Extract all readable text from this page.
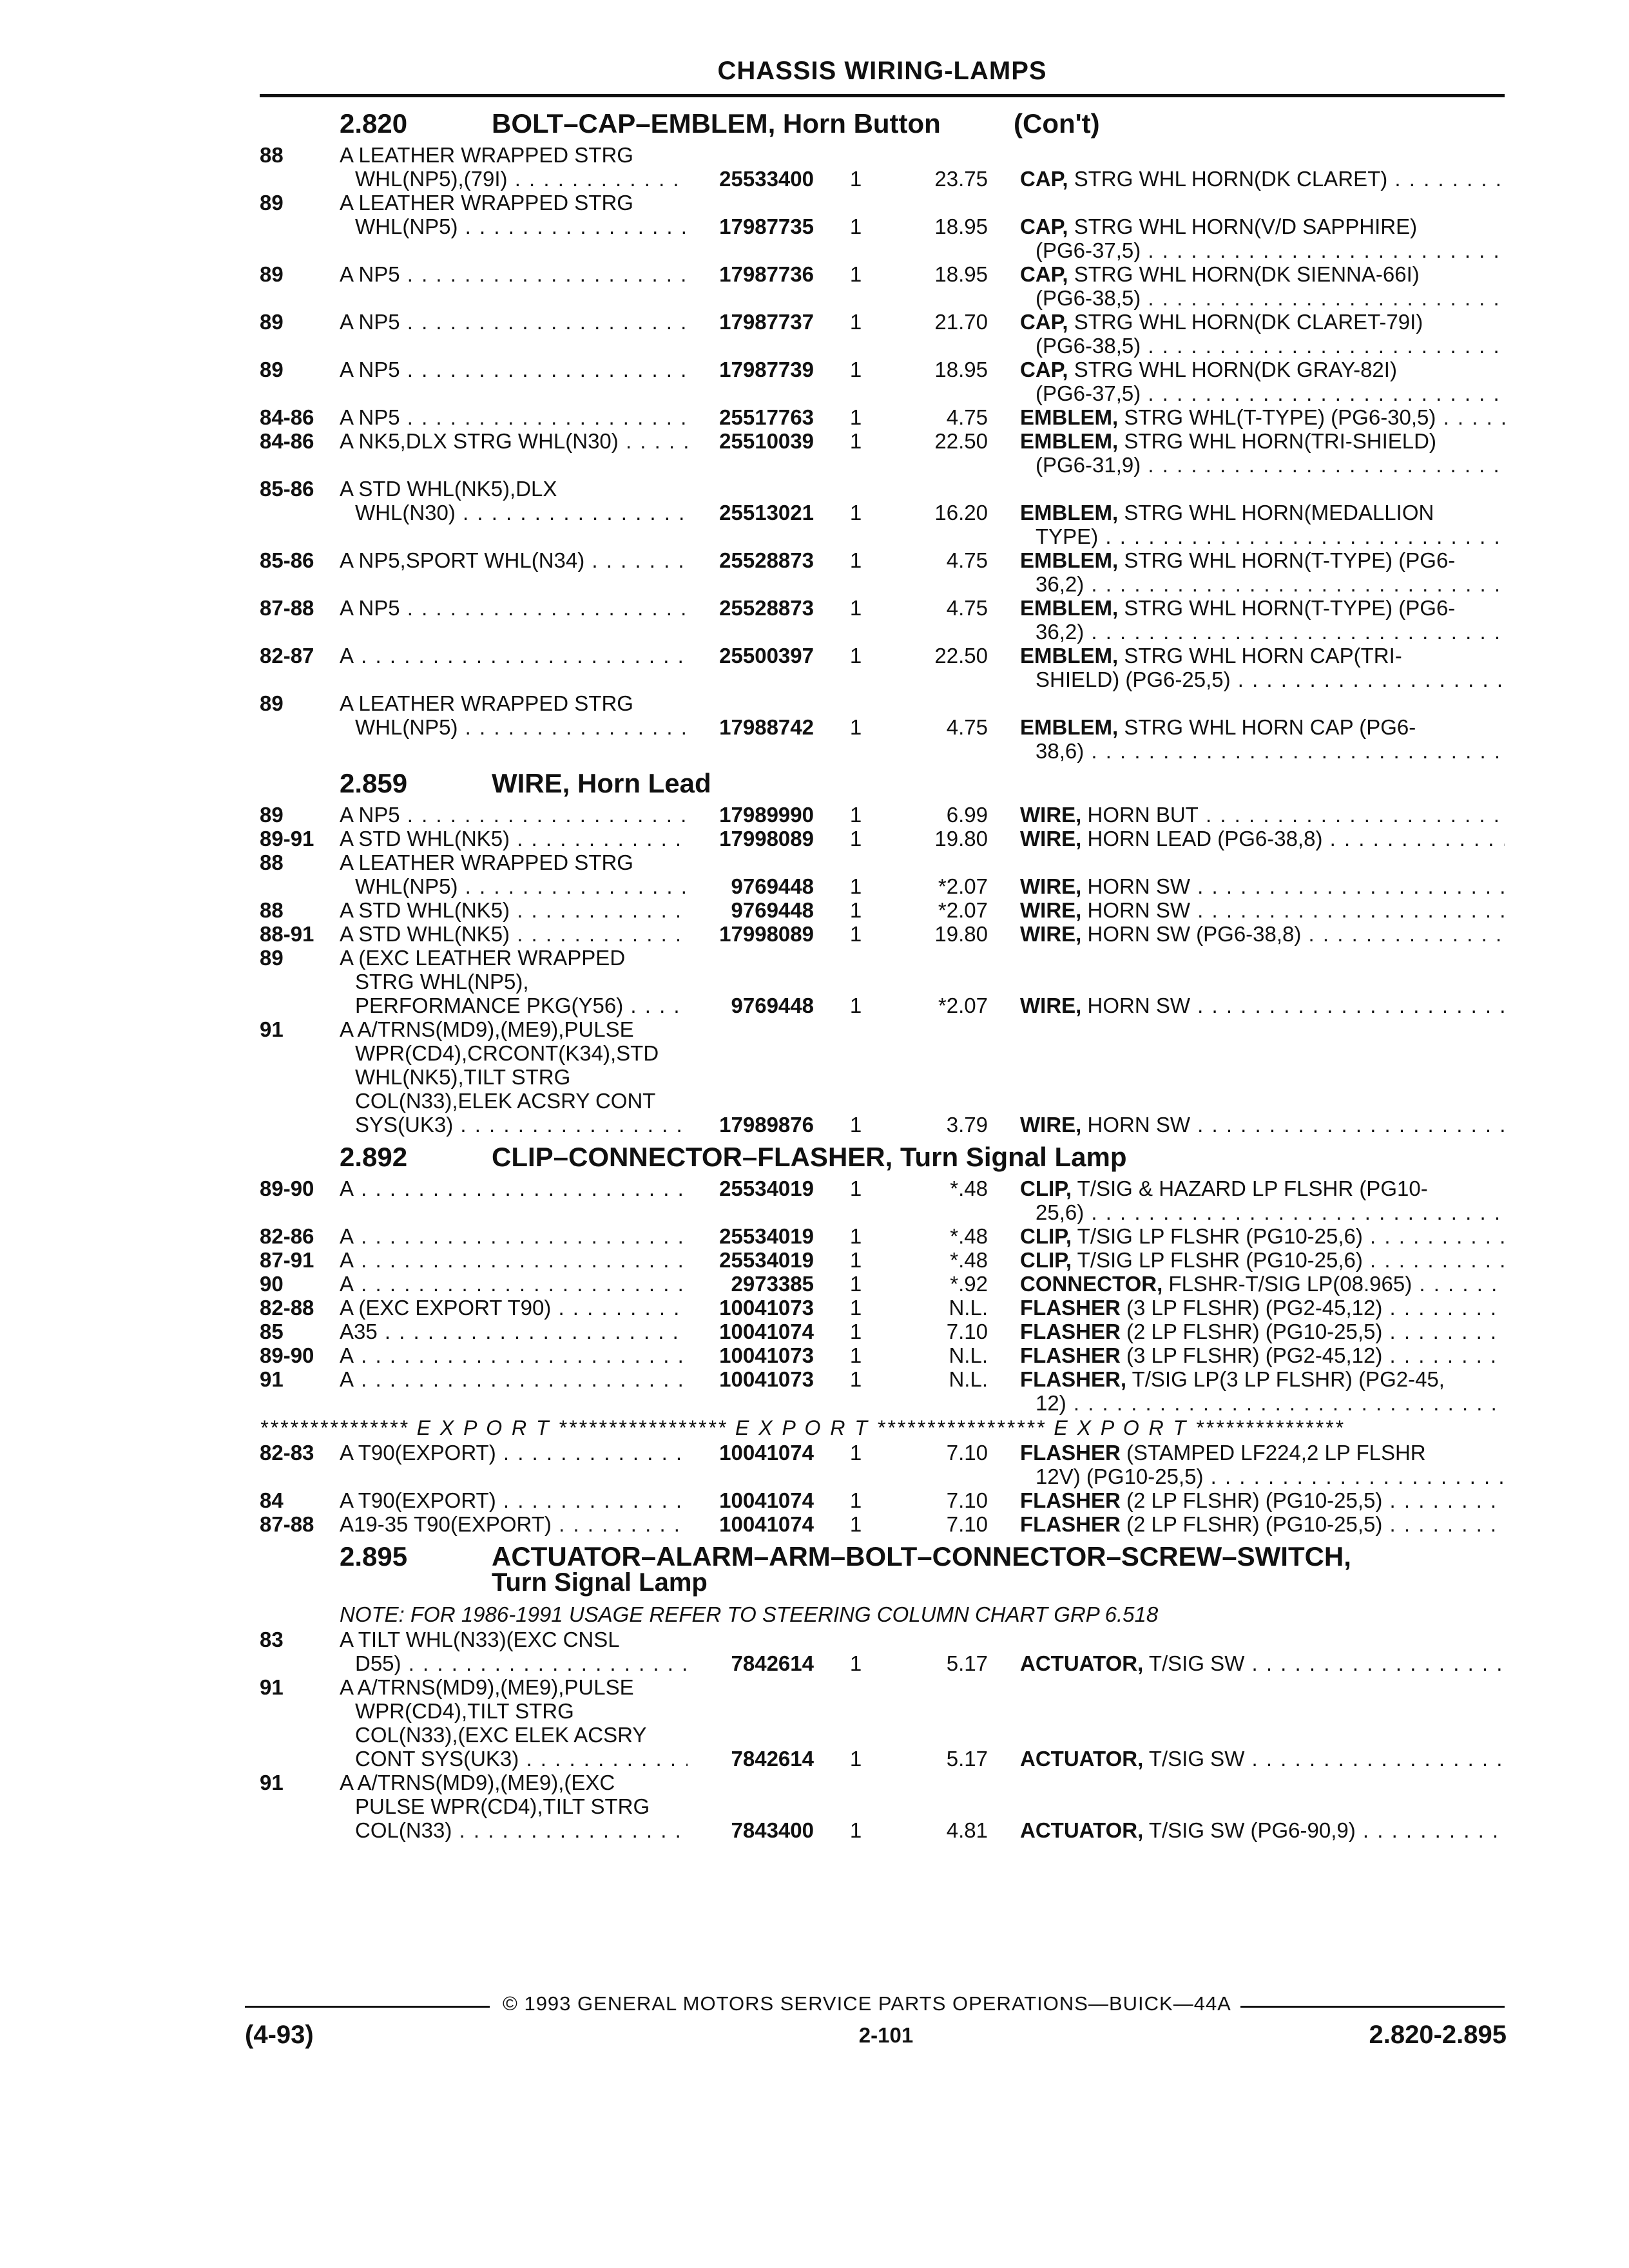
CHASSIS WIRING-LAMPS
2.820	BOLT–CAP–EMBLEM, Horn Button	(Con't)
88	A LEATHER WRAPPED STRG
WHL(NP5),(79I) . . .	25533400	1	23.75 CAP, STRG WHL HORN(DK CLARET) . . .
89	A LEATHER WRAPPED STRG
WHL(NP5) . . .	17987735	1	18.95 CAP, STRG WHL HORN(V/D SAPPHIRE)
(PG6-37,5) . . .
89	A NP5 . . .	17987736	1	18.95 CAP, STRG WHL HORN(DK SIENNA-66I)
(PG6-38,5) . . .
89	A NP5 . . .	17987737	1	21.70 CAP, STRG WHL HORN(DK CLARET-79I)
(PG6-38,5) . . .
89	A NP5 . . .	17987739	1	18.95 CAP, STRG WHL HORN(DK GRAY-82I)
(PG6-37,5) . . .
84-86	A NP5 . . .	25517763	1	4.75 EMBLEM, STRG WHL(T-TYPE) (PG6-30,5) . . .
84-86	A NK5,DLX STRG WHL(N30) . . .	25510039	1	22.50 EMBLEM, STRG WHL HORN(TRI-SHIELD)
(PG6-31,9) . . .
85-86	A STD WHL(NK5),DLX
WHL(N30) . . .	25513021	1	16.20 EMBLEM, STRG WHL HORN(MEDALLION
TYPE) . . .
85-86	A NP5,SPORT WHL(N34) . . .	25528873	1	4.75 EMBLEM, STRG WHL HORN(T-TYPE) (PG6-
36,2) . . .
87-88	A NP5 . . .	25528873	1	4.75 EMBLEM, STRG WHL HORN(T-TYPE) (PG6-
36,2) . . .
82-87	A . . .	25500397	1	22.50 EMBLEM, STRG WHL HORN CAP(TRI-
SHIELD) (PG6-25,5) . . .
89	A LEATHER WRAPPED STRG
WHL(NP5) . . .	17988742	1	4.75 EMBLEM, STRG WHL HORN CAP (PG6-
38,6) . . .
2.859	WIRE, Horn Lead
89	A NP5 . . .	17989990	1	6.99 WIRE, HORN BUT . . .
89-91	A STD WHL(NK5) . . .	17998089	1	19.80 WIRE, HORN LEAD (PG6-38,8) . . .
88	A LEATHER WRAPPED STRG
WHL(NP5) . . .	9769448	1	*2.07 WIRE, HORN SW . . .
88	A STD WHL(NK5) . . .	9769448	1	*2.07 WIRE, HORN SW . . .
88-91	A STD WHL(NK5) . . .	17998089	1	19.80 WIRE, HORN SW (PG6-38,8) . . .
89	A (EXC LEATHER WRAPPED
STRG WHL(NP5),
PERFORMANCE PKG(Y56) . . .	9769448	1	*2.07 WIRE, HORN SW . . .
91	A A/TRNS(MD9),(ME9),PULSE
WPR(CD4),CRCONT(K34),STD
WHL(NK5),TILT STRG
COL(N33),ELEK ACSRY CONT
SYS(UK3) . . .	17989876	1	3.79 WIRE, HORN SW . . .
2.892	CLIP–CONNECTOR–FLASHER, Turn Signal Lamp
89-90	A . . .	25534019	1	*.48 CLIP, T/SIG & HAZARD LP FLSHR (PG10-
25,6) . . .
82-86	A . . .	25534019	1	*.48 CLIP, T/SIG LP FLSHR (PG10-25,6) . . .
87-91	A . . .	25534019	1	*.48 CLIP, T/SIG LP FLSHR (PG10-25,6) . . .
90	A . . .	2973385	1	*.92 CONNECTOR, FLSHR-T/SIG LP(08.965) . . .
82-88	A (EXC EXPORT T90) . . .	10041073	1	N.L. FLASHER (3 LP FLSHR) (PG2-45,12) . . .
85	A35 . . .	10041074	1	7.10 FLASHER (2 LP FLSHR) (PG10-25,5) . . .
89-90	A . . .	10041073	1	N.L. FLASHER (3 LP FLSHR) (PG2-45,12) . . .
91	A . . .	10041073	1	N.L. FLASHER, T/SIG LP(3 LP FLSHR) (PG2-45,
12) . . .
*************** E X P O R T ***************** E X P O R T ***************** E X P O R T ***************
82-83	A T90(EXPORT) . . .	10041074	1	7.10 FLASHER (STAMPED LF224,2 LP FLSHR
12V) (PG10-25,5) . . .
84	A T90(EXPORT) . . .	10041074	1	7.10 FLASHER (2 LP FLSHR) (PG10-25,5) . . .
87-88	A19-35 T90(EXPORT) . . .	10041074	1	7.10 FLASHER (2 LP FLSHR) (PG10-25,5) . . .
2.895	ACTUATOR–ALARM–ARM–BOLT–CONNECTOR–SCREW–SWITCH,
Turn Signal Lamp
NOTE: FOR 1986-1991 USAGE REFER TO STEERING COLUMN CHART GRP 6.518
83	A TILT WHL(N33)(EXC CNSL
D55) . . .	7842614	1	5.17 ACTUATOR, T/SIG SW . . .
91	A A/TRNS(MD9),(ME9),PULSE
WPR(CD4),TILT STRG
COL(N33),(EXC ELEK ACSRY
CONT SYS(UK3) . . .	7842614	1	5.17 ACTUATOR, T/SIG SW . . .
91	A A/TRNS(MD9),(ME9),(EXC
PULSE WPR(CD4),TILT STRG
COL(N33) . . .	7843400	1	4.81 ACTUATOR, T/SIG SW (PG6-90,9) . . .
© 1993 GENERAL MOTORS SERVICE PARTS OPERATIONS—BUICK—44A
(4-93)	2-101	2.820-2.895
